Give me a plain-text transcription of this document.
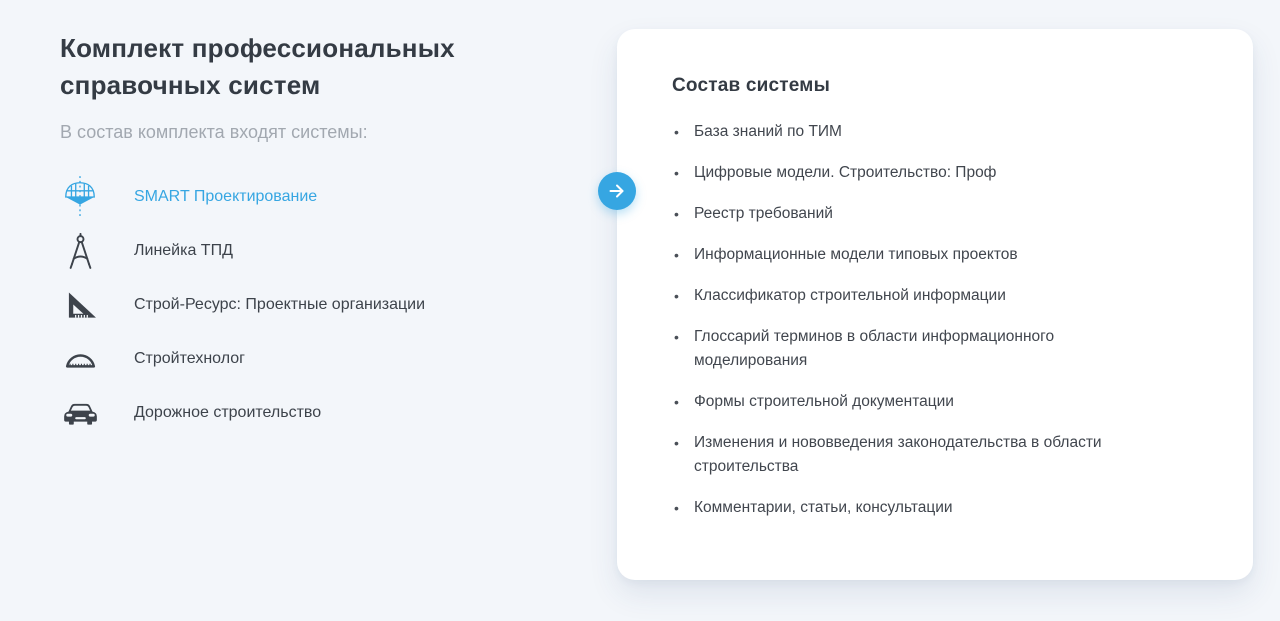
Комплект профессиональных справочных систем
В состав комплекта входят системы:
SMART Проектирование
Линейка ТПД
Строй-Ресурс: Проектные организации
Стройтехнолог
Дорожное строительство
Состав системы
• База знаний по ТИМ
• Цифровые модели. Строительство: Проф
• Реестр требований
• Информационные модели типовых проектов
• Классификатор строительной информации
• Глоссарий терминов в области информационного моделирования
• Формы строительной документации
• Изменения и нововведения законодательства в области строительства
• Комментарии, статьи, консультации
